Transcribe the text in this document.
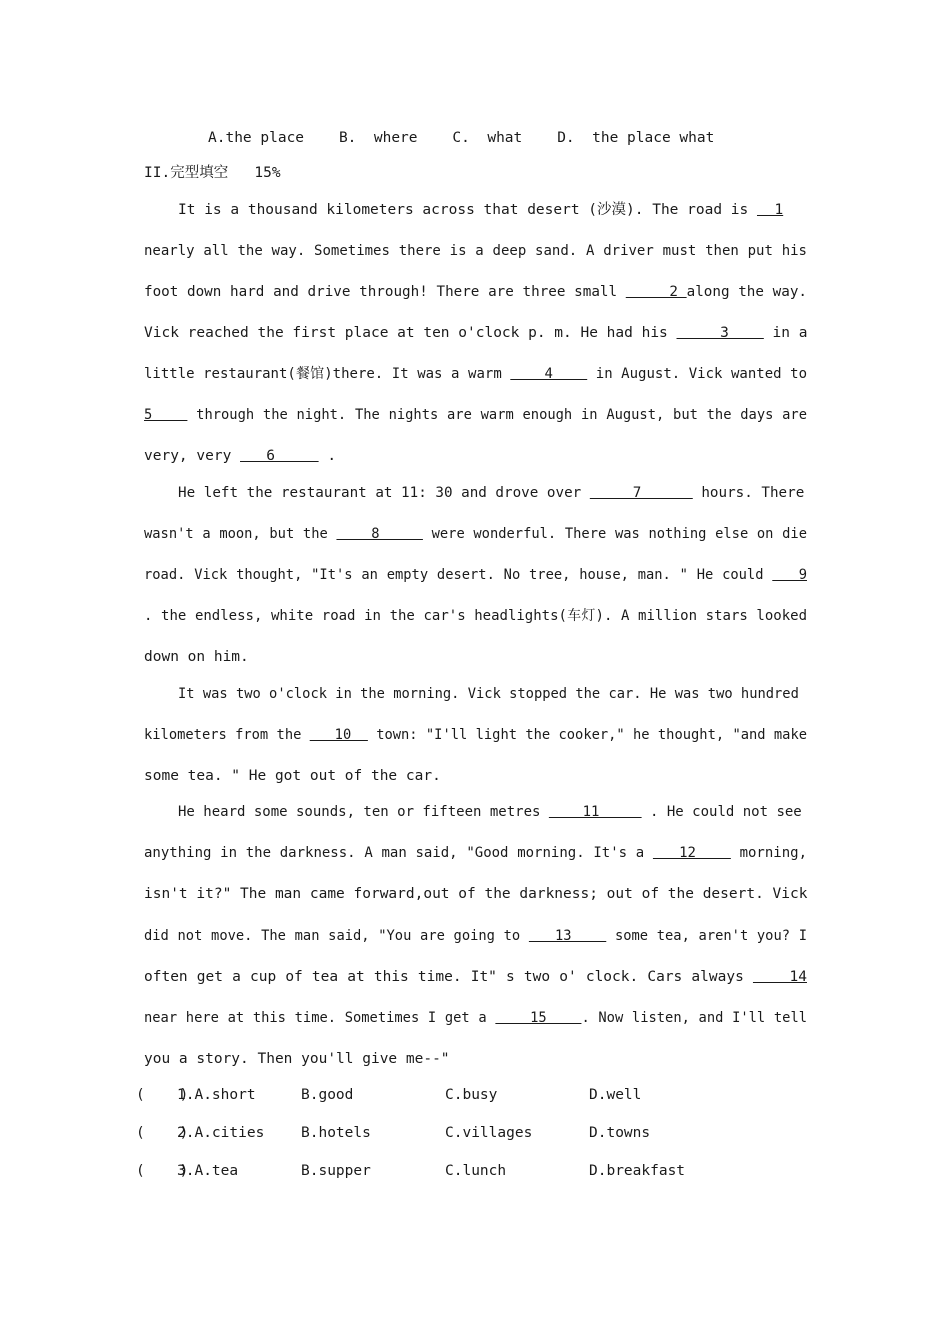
A.the place    B.  where    C.  what    D.  the place what
II.完型填空   15%
It is a thousand kilometers across that desert (沙漠). The road is   1
nearly all the way. Sometimes there is a deep sand. A driver must then put his
foot down hard and drive through! There are three small      2 along the way.
Vick reached the first place at ten o'clock p. m. He had his      3     in a
little restaurant(餐馆)there. It was a warm     4     in August. Vick wanted to
5     through the night. The nights are warm enough in August, but the days are
very, very    6      .
He left the restaurant at 11: 30 and drove over      7       hours. There
wasn't a moon, but the     8      were wonderful. There was nothing else on die
road. Vick thought, "It's an empty desert. No tree, house, man. " He could    9
. the endless, white road in the car's headlights(车灯). A million stars looked
down on him.
It was two o'clock in the morning. Vick stopped the car. He was two hundred
kilometers from the    10   town: "I'll light the cooker," he thought, "and make
some tea. " He got out of the car.
He heard some sounds, ten or fifteen metres     11      . He could not see
anything in the darkness. A man said, "Good morning. It's a    12     morning,
isn't it?" The man came forward,out of the darkness; out of the desert. Vick
did not move. The man said, "You are going to    13     some tea, aren't you? I
often get a cup of tea at this time. It" s two o' clock. Cars always     14
near here at this time. Sometimes I get a     15    . Now listen, and I'll tell
you a story. Then you'll give me--"
(    )
1.A.short	B.good	C.busy	D.well
(    )
2.A.cities	B.hotels	C.villages	D.towns
(    )
3.A.tea	B.supper	C.lunch	D.breakfast
